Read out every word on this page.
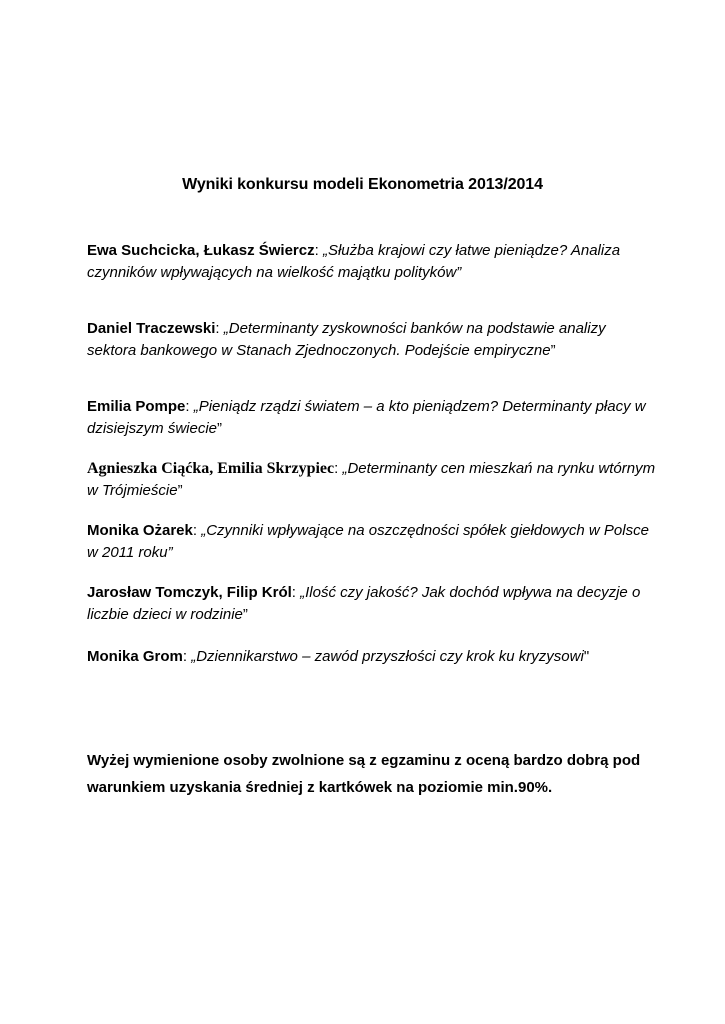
Wyniki konkursu modeli Ekonometria 2013/2014
Ewa Suchcicka, Łukasz Świercz: „Służba krajowi czy łatwe pieniądze? Analiza czynników wpływających na wielkość majątku polityków”
Daniel Traczewski: „Determinanty zyskowności banków na podstawie analizy sektora bankowego w Stanach Zjednoczonych. Podejście empiryczne”
Emilia Pompe: „Pieniądz rządzi światem – a kto pieniądzem? Determinanty płacy w dzisiejszym świecie”
Agnieszka Ciąćka, Emilia Skrzypiec: „Determinanty cen mieszkań na rynku wtórnym w Trójmieście”
Monika Ożarek: „Czynniki wpływające na oszczędności spółek giełdowych w Polsce w 2011 roku”
Jarosław Tomczyk, Filip Król: „Ilość czy jakość? Jak dochód wpływa na decyzje o liczbie dzieci w rodzinie”
Monika Grom: „Dziennikarstwo – zawód przyszłości czy krok ku kryzysowi"
Wyżej wymienione osoby zwolnione są z egzaminu z oceną bardzo dobrą pod warunkiem uzyskania średniej z kartkówek na poziomie min.90%.
